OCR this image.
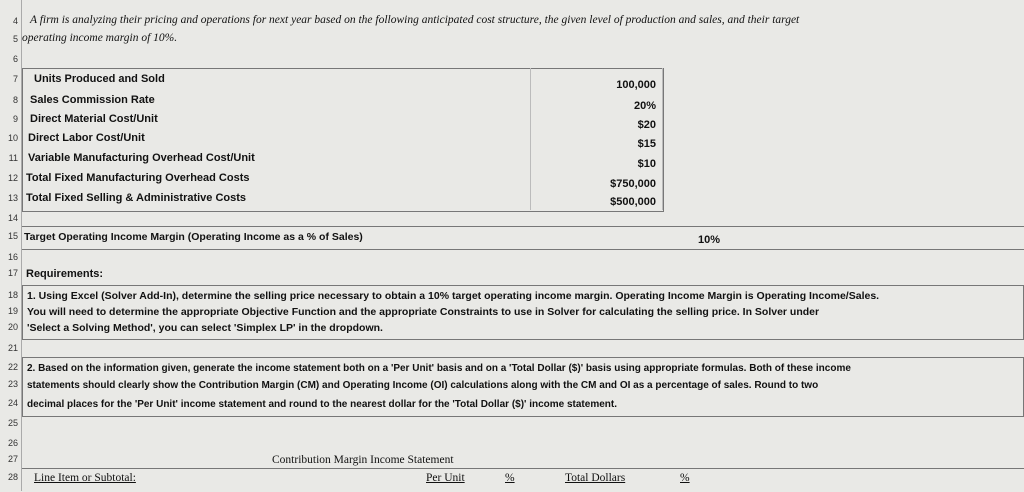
4 A firm is analyzing their pricing and operations for next year based on the following anticipated cost structure, the given level of production and sales, and their target
5 operating income margin of 10%.
6
7 Units Produced and Sold	100,000
8 Sales Commission Rate	20%
9 Direct Material Cost/Unit	$20
10 Direct Labor Cost/Unit	$15
11 Variable Manufacturing Overhead Cost/Unit	$10
12 Total Fixed Manufacturing Overhead Costs	$750,000
13 Total Fixed Selling & Administrative Costs	$500,000
14
15 Target Operating Income Margin (Operating Income as a % of Sales)	10%
16
17 Requirements:
18 1. Using Excel (Solver Add-In), determine the selling price necessary to obtain a 10% target operating income margin. Operating Income Margin is Operating Income/Sales.
19 You will need to determine the appropriate Objective Function and the appropriate Constraints to use in Solver for calculating the selling price. In Solver under
20 'Select a Solving Method', you can select 'Simplex LP' in the dropdown.
21
22 2. Based on the information given, generate the income statement both on a 'Per Unit' basis and on a 'Total Dollar ($)' basis using appropriate formulas. Both of these income
23 statements should clearly show the Contribution Margin (CM) and Operating Income (OI) calculations along with the CM and OI as a percentage of sales. Round to two
24 decimal places for the 'Per Unit' income statement and round to the nearest dollar for the 'Total Dollar ($)' income statement.
25
26
27	Contribution Margin Income Statement
28 Line Item or Subtotal:	Per Unit	%	Total Dollars	%
